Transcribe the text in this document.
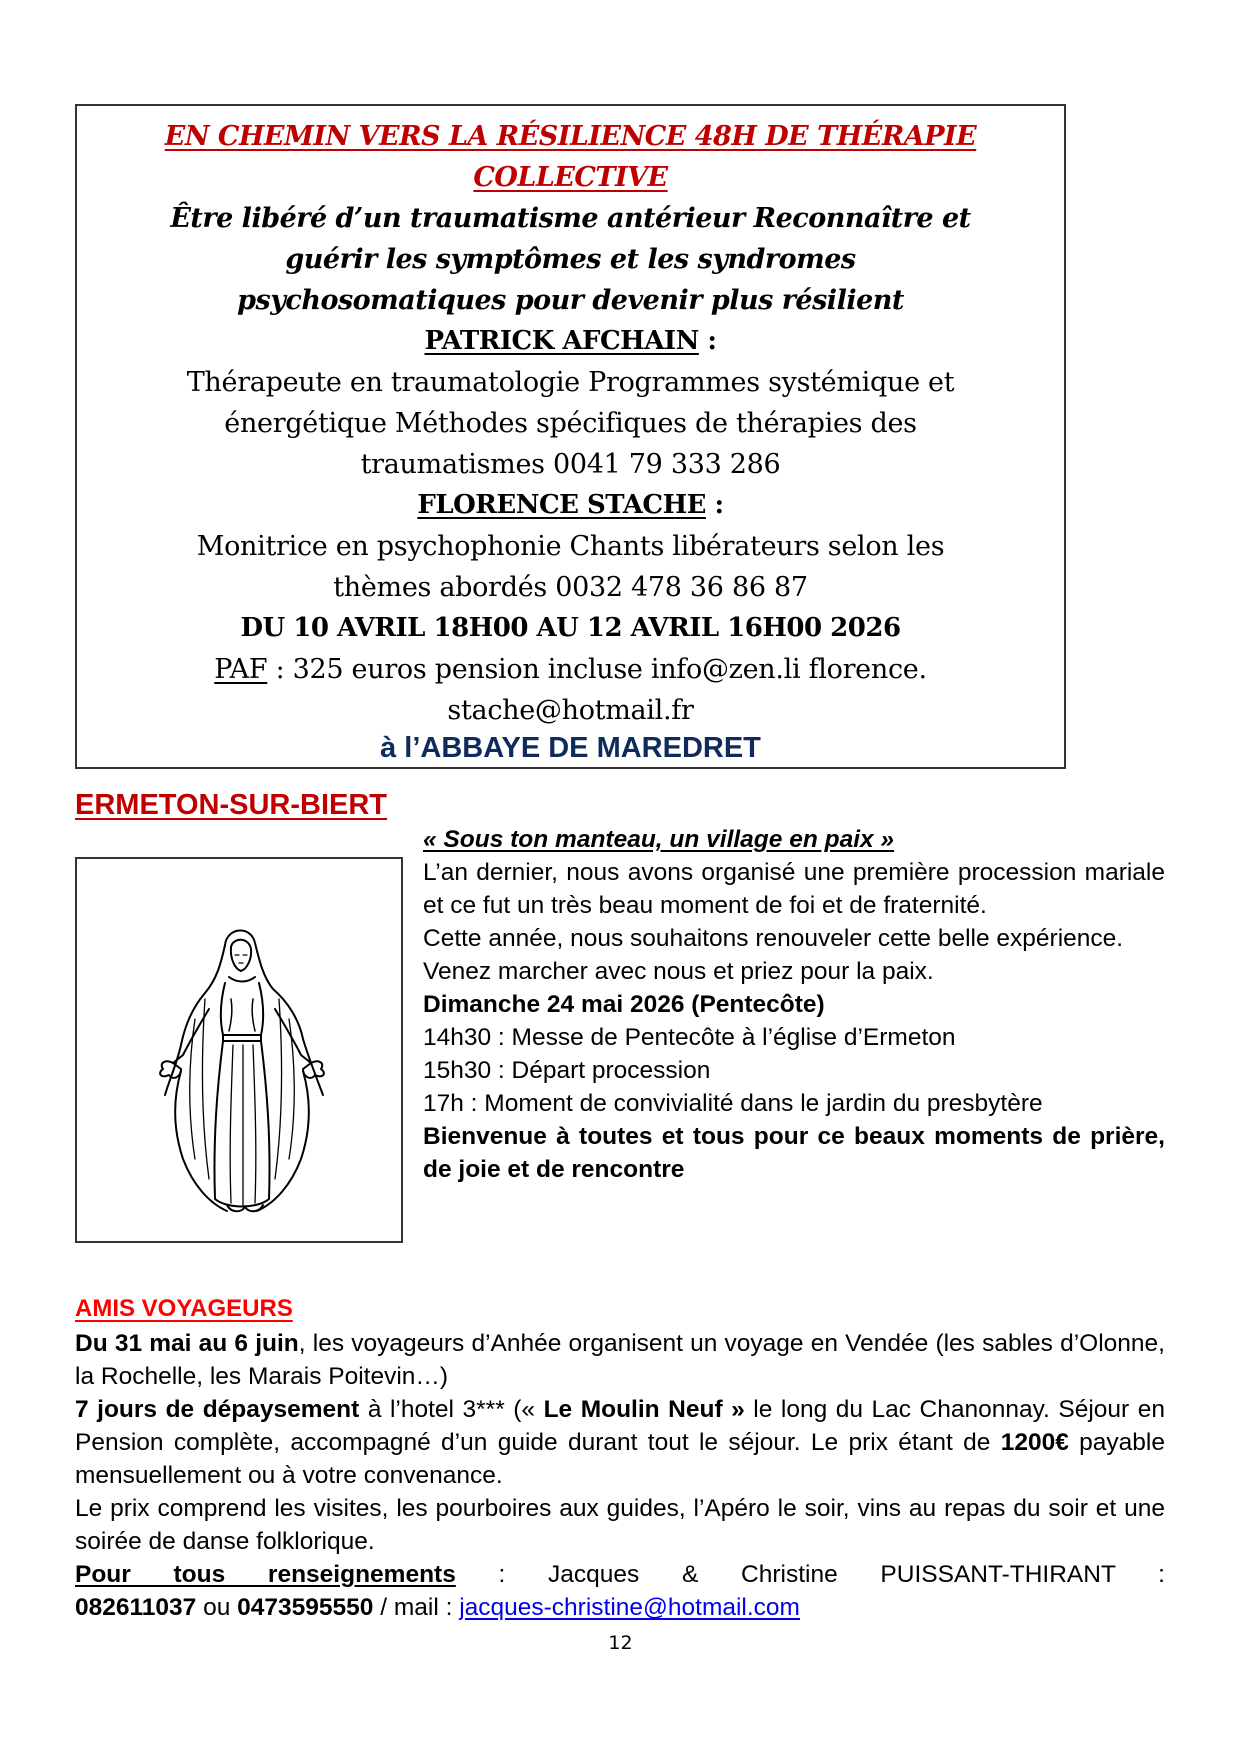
EN CHEMIN VERS LA RÉSILIENCE 48H DE THÉRAPIE
COLLECTIVE
Être libéré d’un traumatisme antérieur Reconnaître et
guérir les symptômes et les syndromes
psychosomatiques pour devenir plus résilient
PATRICK AFCHAIN :
Thérapeute en traumatologie Programmes systémique et
énergétique Méthodes spécifiques de thérapies des
traumatismes 0041 79 333 286
FLORENCE STACHE :
Monitrice en psychophonie Chants libérateurs selon les
thèmes abordés 0032 478 36 86 87
DU 10 AVRIL 18H00 AU 12 AVRIL 16H00 2026
PAF : 325 euros pension incluse info@zen.li florence.
stache@hotmail.fr
à l’ABBAYE DE MAREDRET
ERMETON-SUR-BIERT
« Sous ton manteau, un village en paix »
L’an dernier, nous avons organisé une première procession mariale et ce fut un très beau moment de foi et de fraternité.
Cette année, nous souhaitons renouveler cette belle expérience.
Venez marcher avec nous et priez pour la paix.
Dimanche 24 mai 2026 (Pentecôte)
14h30 : Messe de Pentecôte à l’église d’Ermeton
15h30 : Départ procession
17h : Moment de convivialité dans le jardin du presbytère
Bienvenue à toutes et tous pour ce beaux moments de prière, de joie et de rencontre
AMIS VOYAGEURS
Du 31 mai au 6 juin, les voyageurs d’Anhée organisent un voyage en Vendée (les sables d’Olonne, la Rochelle, les Marais Poitevin…)
7 jours de dépaysement à l’hotel 3*** (« Le Moulin Neuf » le long du Lac Chanonnay. Séjour en Pension complète, accompagné d’un guide durant tout le séjour. Le prix étant de 1200€ payable mensuellement ou à votre convenance.
Le prix comprend les visites, les pourboires aux guides, l’Apéro le soir, vins au repas du soir et une soirée de danse folklorique.
Pour tous renseignements : Jacques & Christine PUISSANT-THIRANT :
082611037 ou 0473595550 / mail : jacques-christine@hotmail.com
12
